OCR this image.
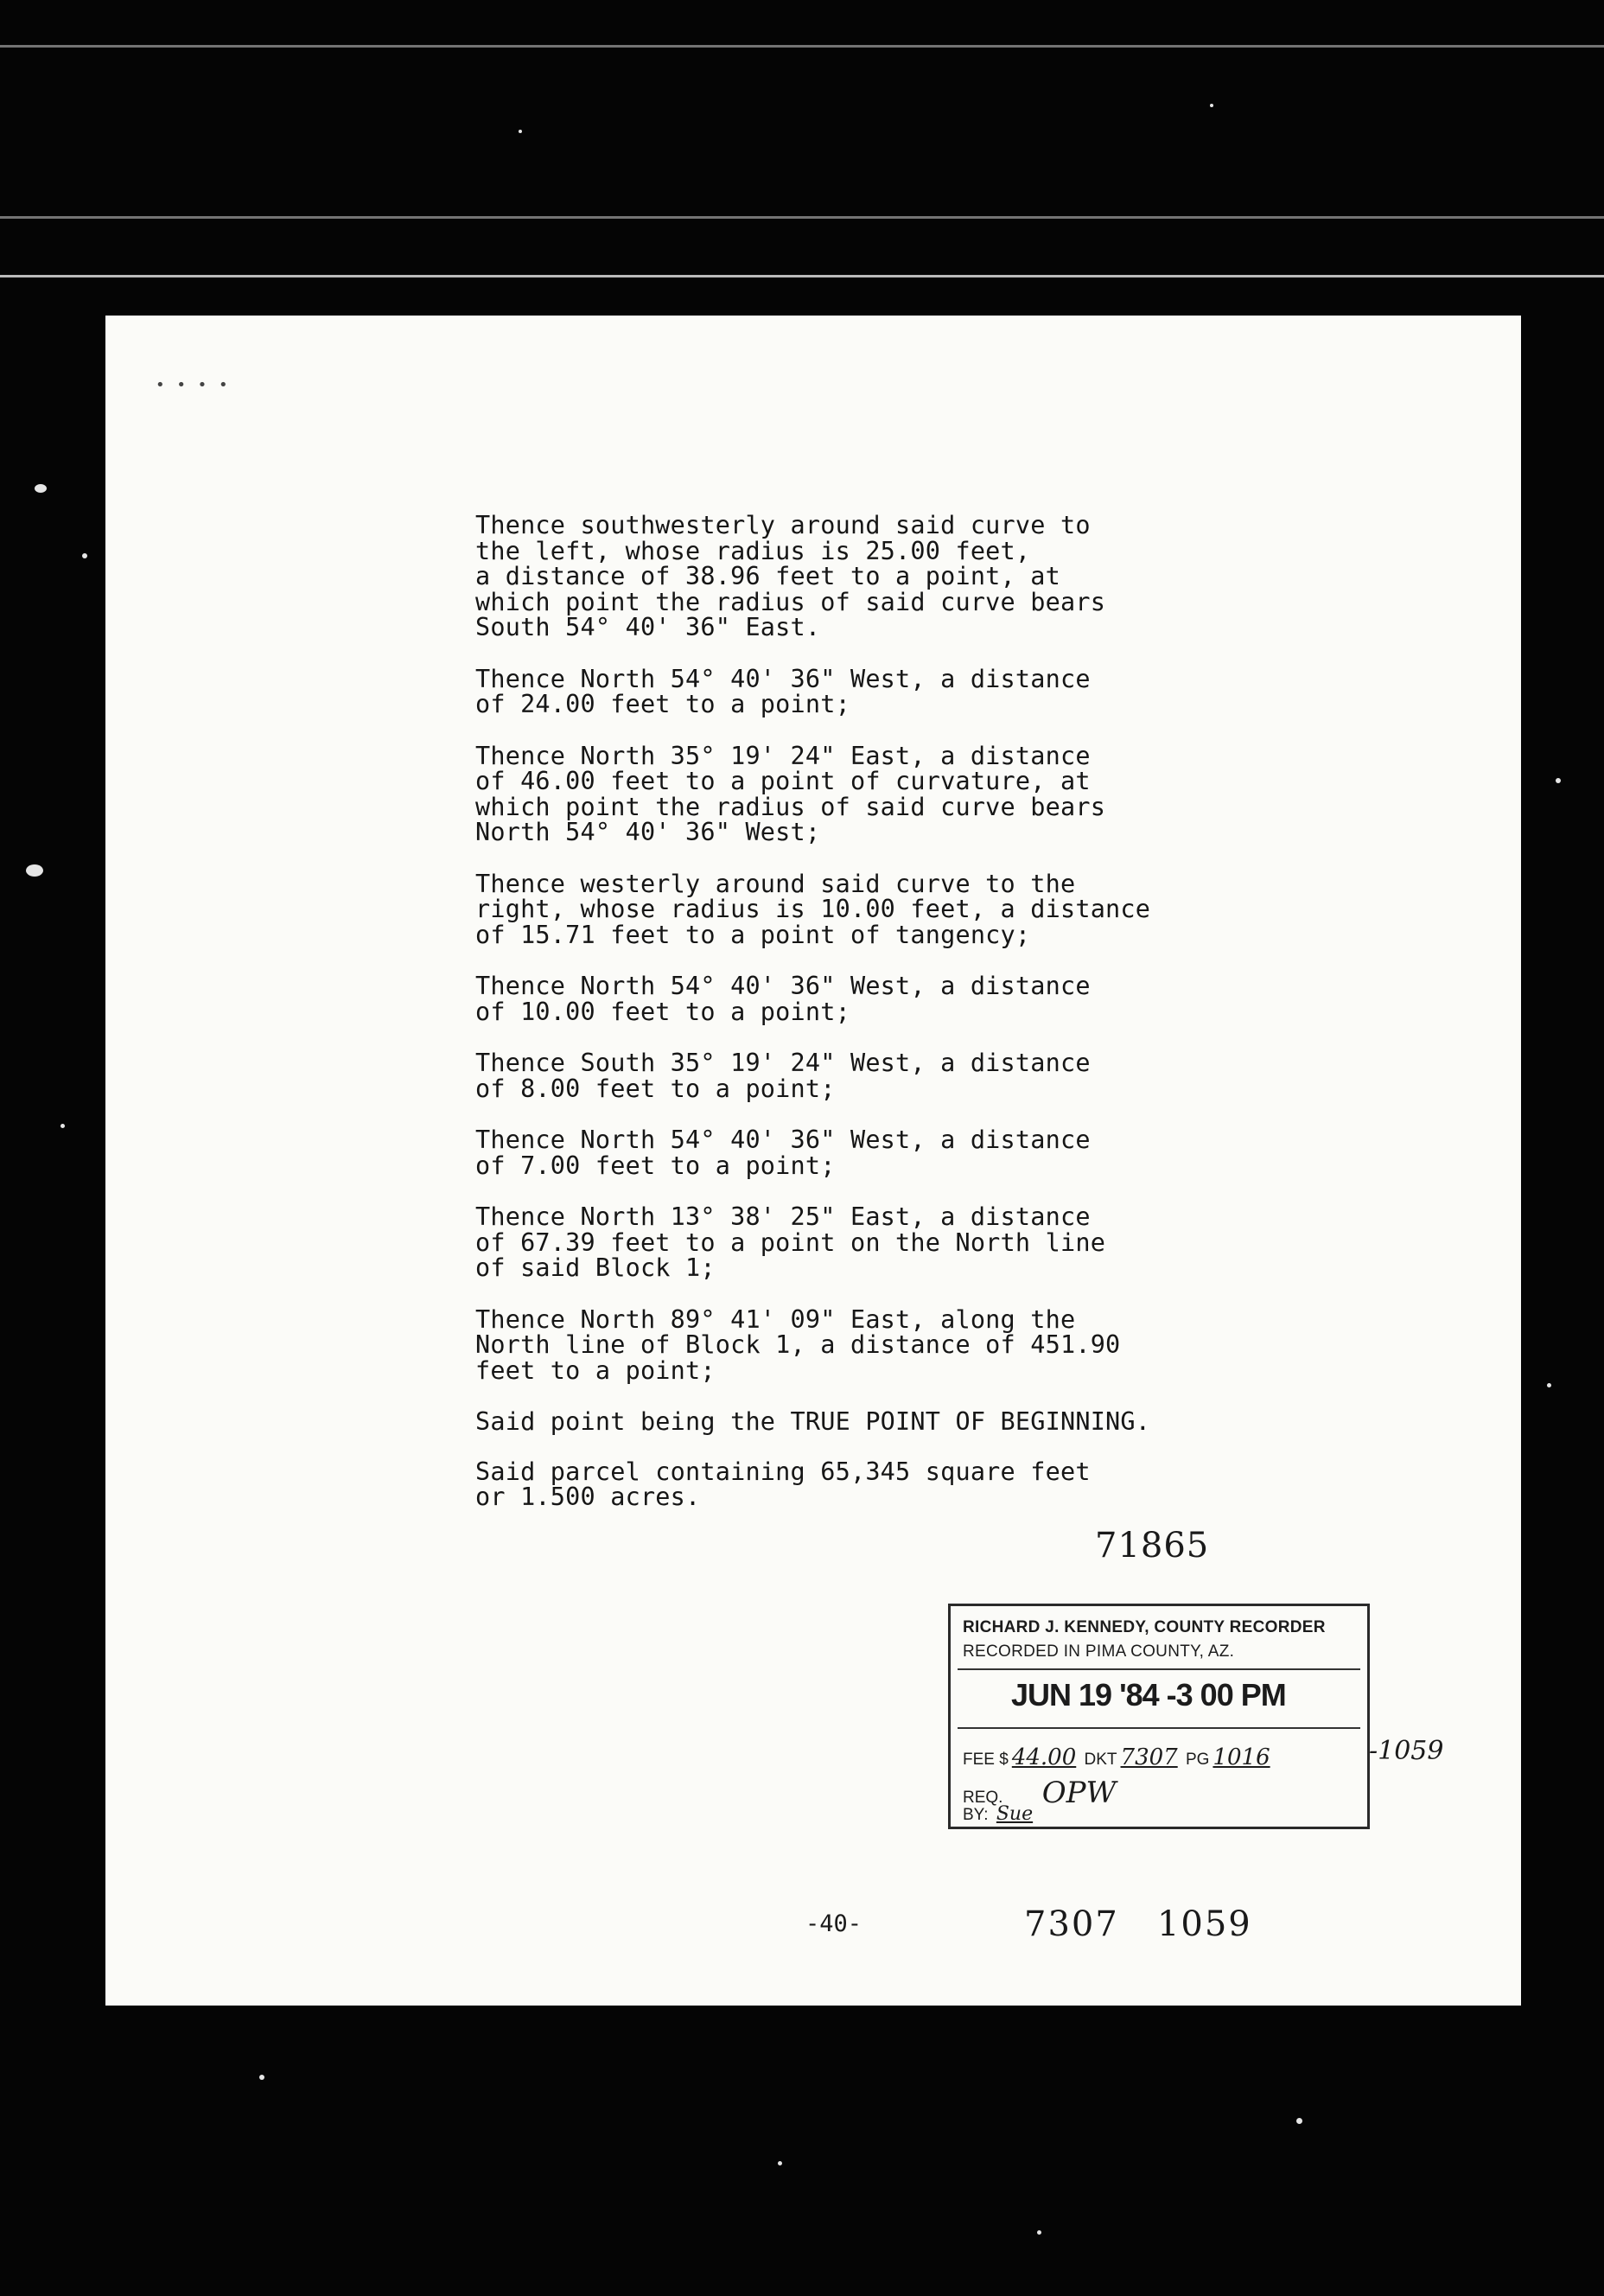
• • • •
Thence southwesterly around said curve to
the left, whose radius is 25.00 feet,
a distance of 38.96 feet to a point, at
which point the radius of said curve bears
South 54° 40' 36" East.
Thence North 54° 40' 36" West, a distance
of 24.00 feet to a point;
Thence North 35° 19' 24" East, a distance
of 46.00 feet to a point of curvature, at
which point the radius of said curve bears
North 54° 40' 36" West;
Thence westerly around said curve to the
right, whose radius is 10.00 feet, a distance
of 15.71 feet to a point of tangency;
Thence North 54° 40' 36" West, a distance
of 10.00 feet to a point;
Thence South 35° 19' 24" West, a distance
of 8.00 feet to a point;
Thence North 54° 40' 36" West, a distance
of 7.00 feet to a point;
Thence North 13° 38' 25" East, a distance
of 67.39 feet to a point on the North line
of said Block 1;
Thence North 89° 41' 09" East, along the
North line of Block 1, a distance of 451.90
feet to a point;
Said point being the TRUE POINT OF BEGINNING.
Said parcel containing 65,345 square feet
or 1.500 acres.
71865
RICHARD J. KENNEDY, COUNTY RECORDER
RECORDED IN PIMA COUNTY, AZ.
JUN 19 '84 -3 00 PM
FEE $ 44.00 DKT 7307 PG 1016
REQ. OPW
BY: Sue
-1059
-40-	7307 1059
